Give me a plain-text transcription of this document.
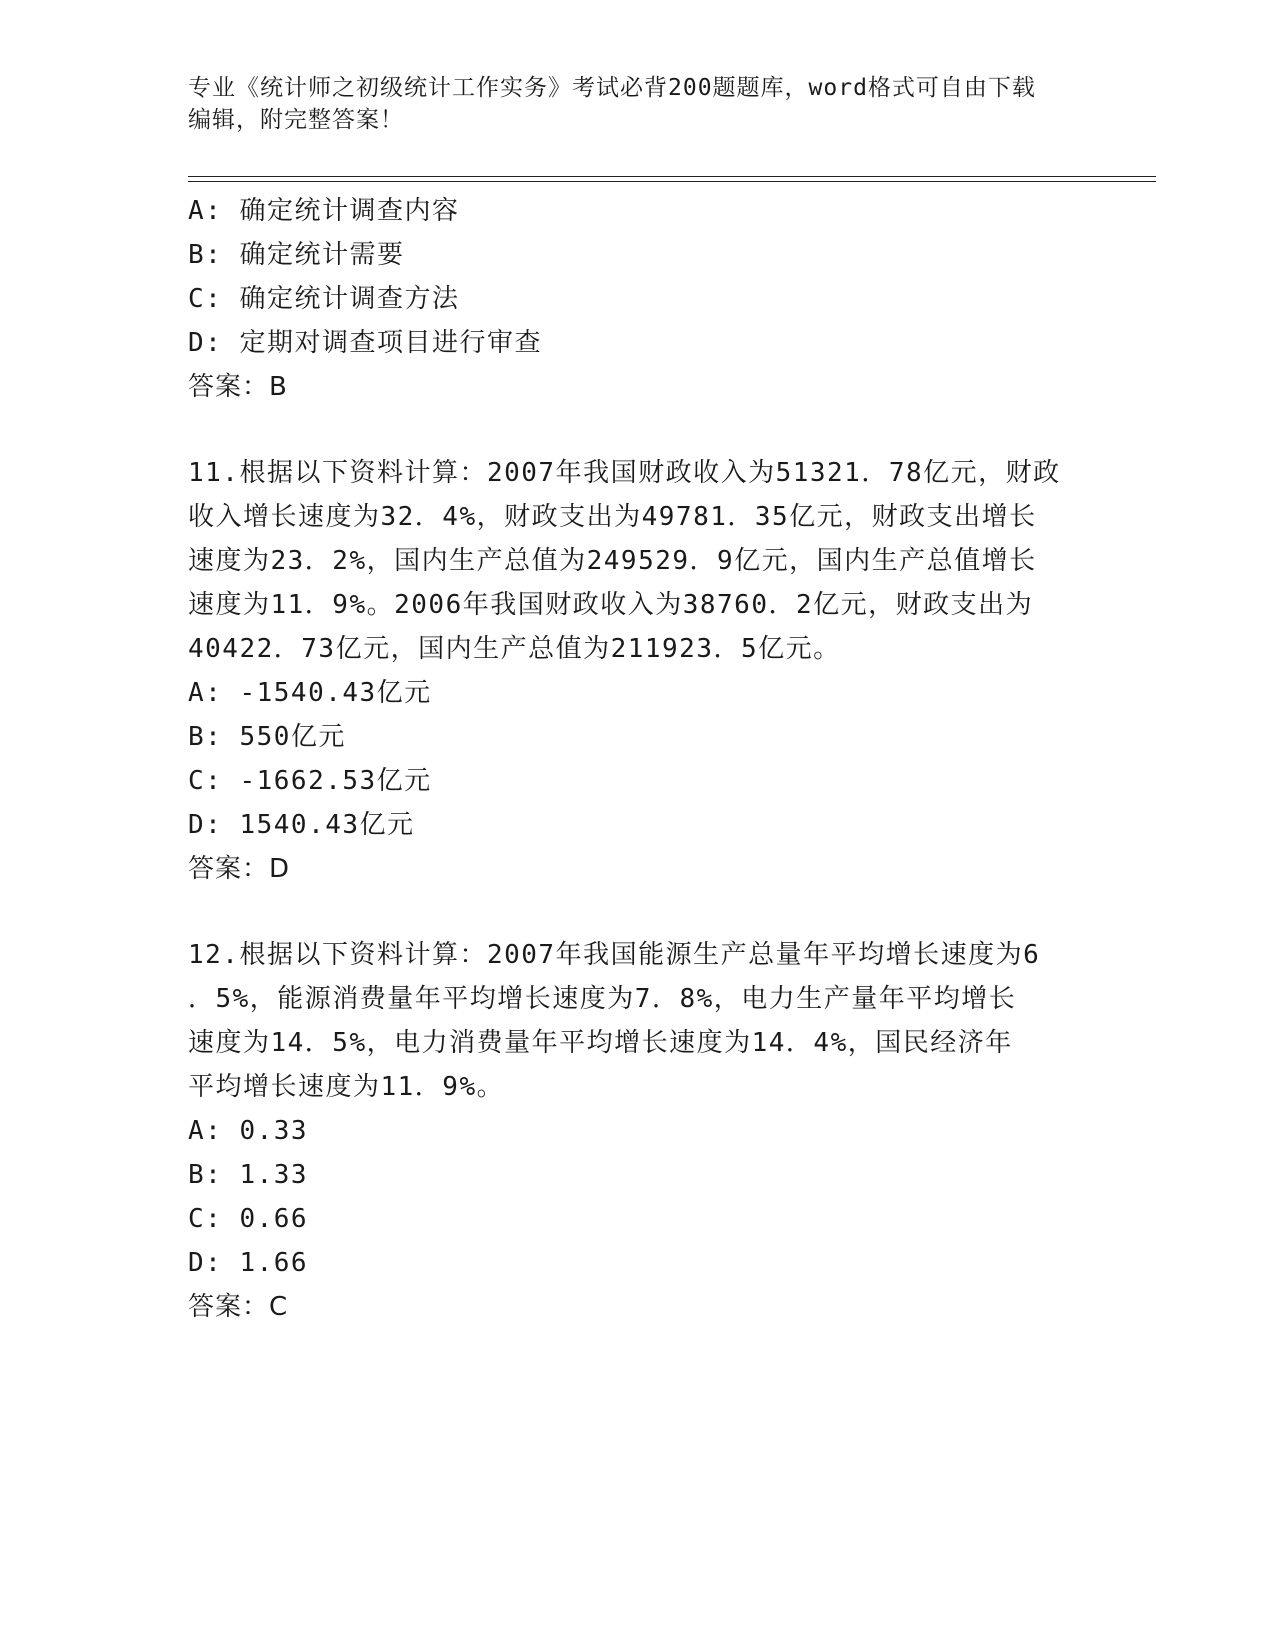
专业《统计师之初级统计工作实务》考试必背200题题库，word格式可自由下载
编辑，附完整答案！
A: 确定统计调查内容
B: 确定统计需要
C: 确定统计调查方法
D: 定期对调查项目进行审查
答案：B
11.根据以下资料计算：2007年我国财政收入为51321．78亿元，财政
收入增长速度为32．4%，财政支出为49781．35亿元，财政支出增长
速度为23．2%，国内生产总值为249529．9亿元，国内生产总值增长
速度为11．9%。2006年我国财政收入为38760．2亿元，财政支出为
40422．73亿元，国内生产总值为211923．5亿元。
A: -1540.43亿元
B: 550亿元
C: -1662.53亿元
D: 1540.43亿元
答案：D
12.根据以下资料计算：2007年我国能源生产总量年平均增长速度为6
．5%，能源消费量年平均增长速度为7．8%，电力生产量年平均增长
速度为14．5%，电力消费量年平均增长速度为14．4%，国民经济年
平均增长速度为11．9%。
A: 0.33
B: 1.33
C: 0.66
D: 1.66
答案：C
